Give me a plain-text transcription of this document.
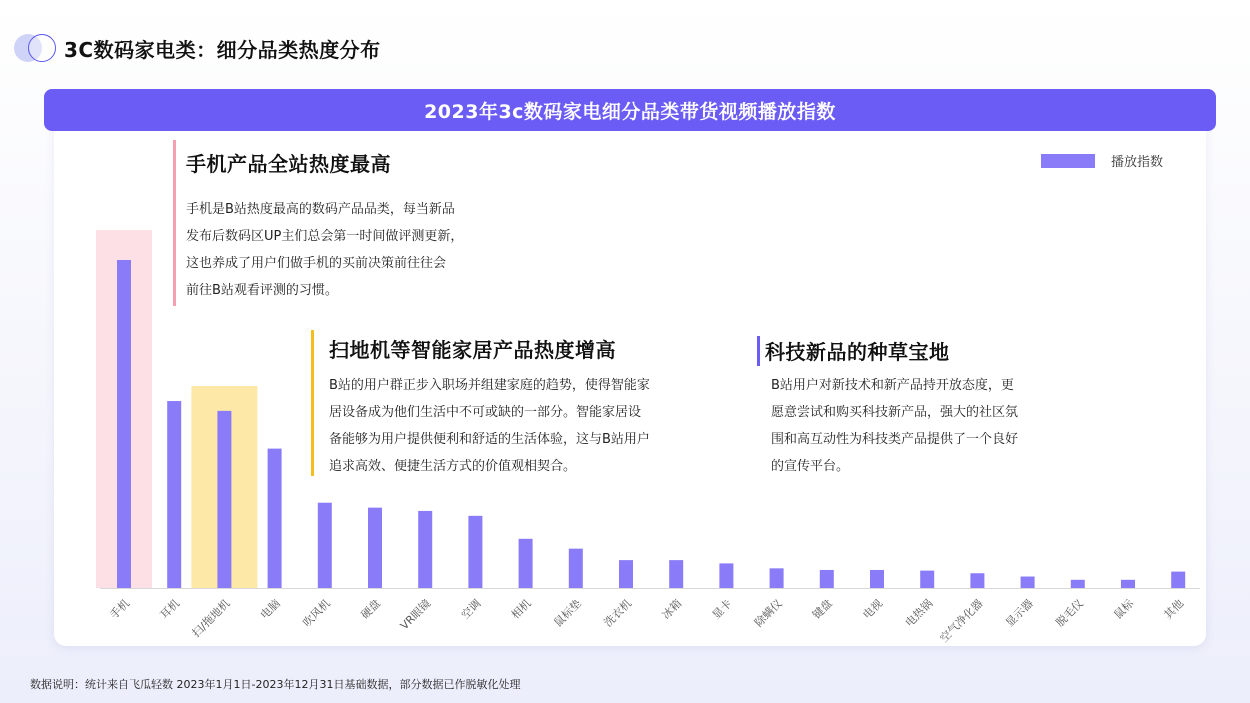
3C数码家电类：细分品类热度分布
2023年3c数码家电细分品类带货视频播放指数
手机 耳机 扫/拖地机 电脑 吹风机 硬盘 VR眼镜 空调 相机 鼠标垫 洗衣机 冰箱 显卡 除螨仪 键盘 电视 电热锅 空气净化器 显示器 脱毛仪 鼠标 其他
播放指数
手机产品全站热度最高
手机是B站热度最高的数码产品品类，每当新品
发布后数码区UP主们总会第一时间做评测更新，
这也养成了用户们做手机的买前决策前往往会
前往B站观看评测的习惯。
扫地机等智能家居产品热度增高
B站的用户群正步入职场并组建家庭的趋势，使得智能家
居设备成为他们生活中不可或缺的一部分。智能家居设
备能够为用户提供便利和舒适的生活体验，这与B站用户
追求高效、便捷生活方式的价值观相契合。
科技新品的种草宝地
B站用户对新技术和新产品持开放态度，更
愿意尝试和购买科技新产品，强大的社区氛
围和高互动性为科技类产品提供了一个良好
的宣传平台。
数据说明：统计来自飞瓜轻数 2023年1月1日-2023年12月31日基础数据，部分数据已作脱敏化处理
